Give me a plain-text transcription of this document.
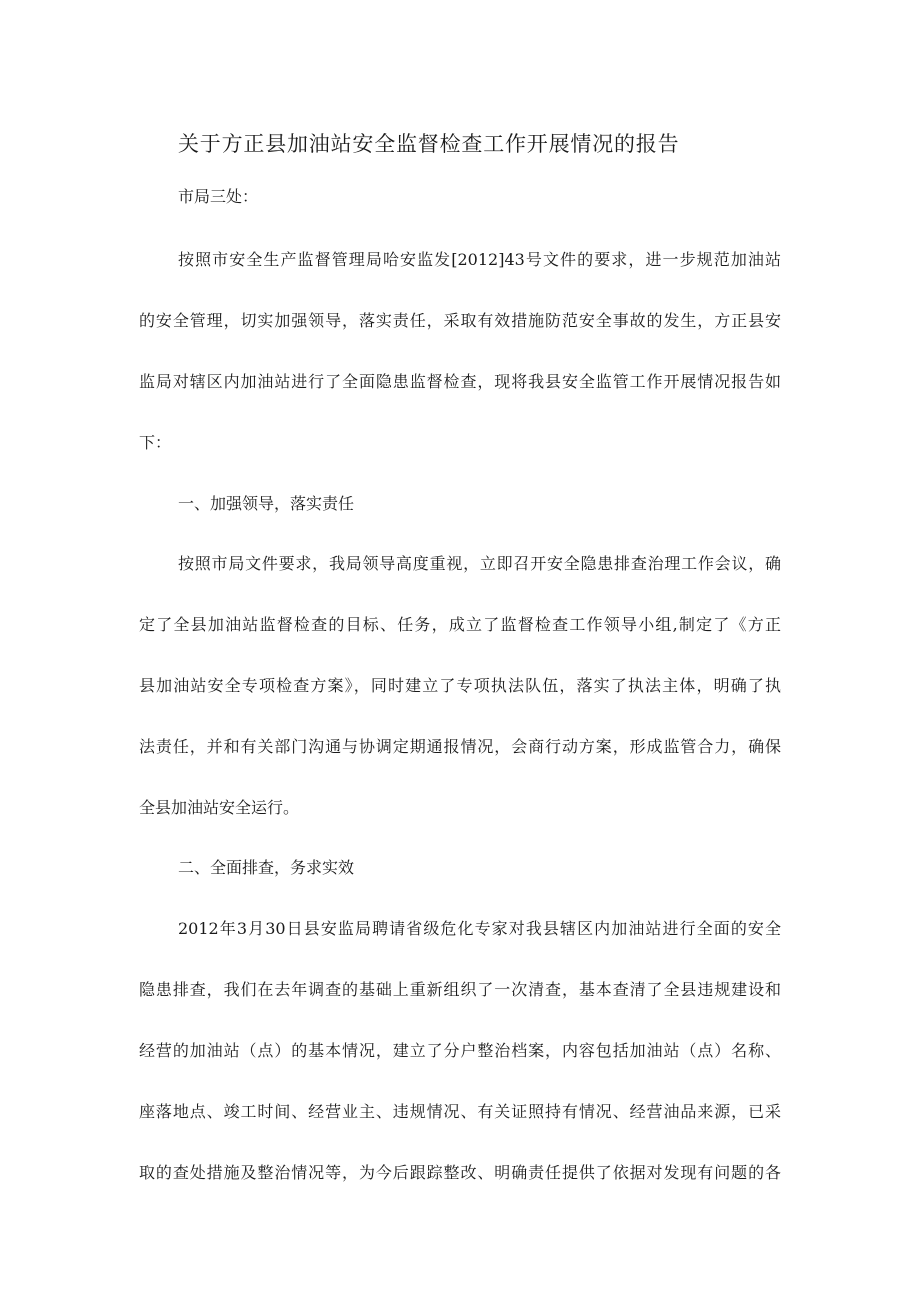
关于方正县加油站安全监督检查工作开展情况的报告
市局三处：
按照市安全生产监督管理局哈安监发[2012]43号文件的要求，进一步规范加油站
的安全管理，切实加强领导，落实责任，采取有效措施防范安全事故的发生，方正县安
监局对辖区内加油站进行了全面隐患监督检查，现将我县安全监管工作开展情况报告如
下：
一、加强领导，落实责任
按照市局文件要求，我局领导高度重视，立即召开安全隐患排查治理工作会议，确
定了全县加油站监督检查的目标、任务，成立了监督检查工作领导小组,制定了《方正
县加油站安全专项检查方案》，同时建立了专项执法队伍，落实了执法主体，明确了执
法责任，并和有关部门沟通与协调定期通报情况，会商行动方案，形成监管合力，确保
全县加油站安全运行。
二、全面排查，务求实效
2012年3月30日县安监局聘请省级危化专家对我县辖区内加油站进行全面的安全
隐患排查，我们在去年调查的基础上重新组织了一次清查，基本查清了全县违规建设和
经营的加油站（点）的基本情况，建立了分户整治档案，内容包括加油站（点）名称、
座落地点、竣工时间、经营业主、违规情况、有关证照持有情况、经营油品来源，已采
取的查处措施及整治情况等，为今后跟踪整改、明确责任提供了依据对发现有问题的各
